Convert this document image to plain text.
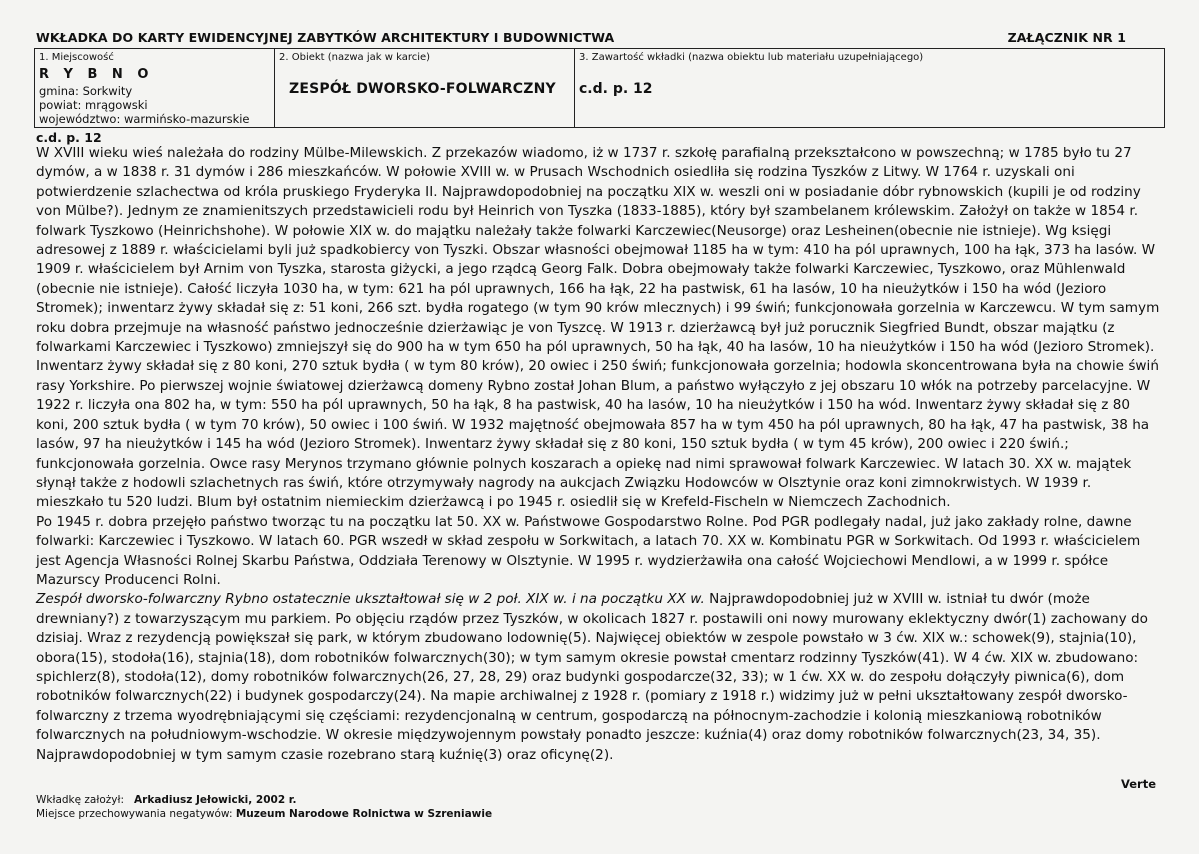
WKŁADKA DO KARTY EWIDENCYJNEJ ZABYTKÓW ARCHITEKTURY I BUDOWNICTWA	ZAŁĄCZNIK NR 1
1. Miejscowość
R Y B N O
gmina: Sorkwity
powiat: mrągowski
województwo: warmińsko-mazurskie
2. Obiekt (nazwa jak w karcie)
ZESPÓŁ DWORSKO-FOLWARCZNY
3. Zawartość wkładki (nazwa obiektu lub materiału uzupełniającego)
c.d. p. 12
c.d. p. 12

W XVIII wieku wieś należała do rodziny Mülbe-Milewskich. Z przekazów wiadomo, iż w 1737 r. szkołę parafialną przekształcono w powszechną; w 1785 było tu 27 dymów, a w 1838 r. 31 dymów i 286 mieszkańców. W połowie XVIII w. w Prusach Wschodnich osiedliła się rodzina Tyszków z Litwy. W 1764 r. uzyskali oni potwierdzenie szlachectwa od króla pruskiego Fryderyka II. Najprawdopodobniej na początku XIX w. weszli oni w posiadanie dóbr rybnowskich (kupili je od rodziny von Mülbe?). Jednym ze znamienitszych przedstawicieli rodu był Heinrich von Tyszka (1833-1885), który był szambelanem królewskim. Założył on także w 1854 r. folwark Tyszkowo (Heinrichshohe). W połowie XIX w. do majątku należały także folwarki Karczewiec(Neusorge) oraz Lesheinen(obecnie nie istnieje). Wg księgi adresowej z 1889 r. właścicielami byli już spadkobiercy von Tyszki. Obszar własności obejmował 1185 ha w tym: 410 ha pól uprawnych, 100 ha łąk, 373 ha lasów. W 1909 r. właścicielem był Arnim von Tyszka, starosta giżycki, a jego rządcą Georg Falk. Dobra obejmowały także folwarki Karczewiec, Tyszkowo, oraz Mühlenwald (obecnie nie istnieje). Całość liczyła 1030 ha, w tym: 621 ha pól uprawnych, 166 ha łąk, 22 ha pastwisk, 61 ha lasów, 10 ha nieużytków i 150 ha wód (Jezioro Stromek); inwentarz żywy składał się z: 51 koni, 266 szt. bydła rogatego (w tym 90 krów mlecznych) i 99 świń; funkcjonowała gorzelnia w Karczewcu. W tym samym roku dobra przejmuje na własność państwo jednocześnie dzierżawiąc je von Tyszcę. W 1913 r. dzierżawcą był już porucznik Siegfried Bundt, obszar majątku (z folwarkami Karczewiec i Tyszkowo) zmniejszył się do 900 ha w tym 650 ha pól uprawnych, 50 ha łąk, 40 ha lasów, 10 ha nieużytków i 150 ha wód (Jezioro Stromek). Inwentarz żywy składał się z 80 koni, 270 sztuk bydła ( w tym 80 krów), 20 owiec i 250 świń; funkcjonowała gorzelnia; hodowla skoncentrowana była na chowie świń rasy Yorkshire. Po pierwszej wojnie światowej dzierżawcą domeny Rybno został Johan Blum, a państwo wyłączyło z jej obszaru 10 włók na potrzeby parcelacyjne. W 1922 r. liczyła ona 802 ha, w tym: 550 ha pól uprawnych, 50 ha łąk, 8 ha pastwisk, 40 ha lasów, 10 ha nieużytków i 150 ha wód. Inwentarz żywy składał się z 80 koni, 200 sztuk bydła ( w tym 70 krów), 50 owiec i 100 świń. W 1932 majętność obejmowała 857 ha w tym 450 ha pól uprawnych, 80 ha łąk, 47 ha pastwisk, 38 ha lasów, 97 ha nieużytków i 145 ha wód (Jezioro Stromek). Inwentarz żywy składał się z 80 koni, 150 sztuk bydła ( w tym 45 krów), 200 owiec i 220 świń.; funkcjonowała gorzelnia. Owce rasy Merynos trzymano głównie polnych koszarach a opiekę nad nimi sprawował folwark Karczewiec. W latach 30. XX w. majątek słynął także z hodowli szlachetnych ras świń, które otrzymywały nagrody na aukcjach Związku Hodowców w Olsztynie oraz koni zimnokrwistych. W 1939 r. mieszkało tu 520 ludzi. Blum był ostatnim niemieckim dzierżawcą i po 1945 r. osiedlił się w Krefeld-Fischeln w Niemczech Zachodnich.

Po 1945 r. dobra przejęło państwo tworząc tu na początku lat 50. XX w. Państwowe Gospodarstwo Rolne. Pod PGR podlegały nadal, już jako zakłady rolne, dawne folwarki: Karczewiec i Tyszkowo. W latach 60. PGR wszedł w skład zespołu w Sorkwitach, a latach 70. XX w. Kombinatu PGR w Sorkwitach. Od 1993 r. właścicielem jest Agencja Własności Rolnej Skarbu Państwa, Oddziała Terenowy w Olsztynie. W 1995 r. wydzierżawiła ona całość Wojciechowi Mendlowi, a w 1999 r. spółce Mazurscy Producenci Rolni.

Zespół dworsko-folwarczny Rybno ostatecznie ukształtował się w 2 poł. XIX w. i na początku XX w. Najprawdopodobniej już w XVIII w. istniał tu dwór (może drewniany?) z towarzyszącym mu parkiem. Po objęciu rządów przez Tyszków, w okolicach 1827 r. postawili oni nowy murowany eklektyczny dwór(1) zachowany do dzisiaj. Wraz z rezydencją powiększał się park, w którym zbudowano lodownię(5). Najwięcej obiektów w zespole powstało w 3 ćw. XIX w.: schowek(9), stajnia(10), obora(15), stodoła(16), stajnia(18), dom robotników folwarcznych(30); w tym samym okresie powstał cmentarz rodzinny Tyszków(41). W 4 ćw. XIX w. zbudowano: spichlerz(8), stodoła(12), domy robotników folwarcznych(26, 27, 28, 29) oraz budynki gospodarcze(32, 33); w 1 ćw. XX w. do zespołu dołączyły piwnica(6), dom robotników folwarcznych(22) i budynek gospodarczy(24). Na mapie archiwalnej z 1928 r. (pomiary z 1918 r.) widzimy już w pełni ukształtowany zespół dworsko-folwarczny z trzema wyodrębniającymi się częściami: rezydencjonalną w centrum, gospodarczą na północnym-zachodzie i kolonią mieszkaniową robotników folwarcznych na południowym-wschodzie. W okresie międzywojennym powstały ponadto jeszcze: kuźnia(4) oraz domy robotników folwarcznych(23, 34, 35). Najprawdopodobniej w tym samym czasie rozebrano starą kuźnię(3) oraz oficynę(2).

Verte
Wkładkę założył: Arkadiusz Jełowicki, 2002 r.
Miejsce przechowywania negatywów: Muzeum Narodowe Rolnictwa w Szreniawie
